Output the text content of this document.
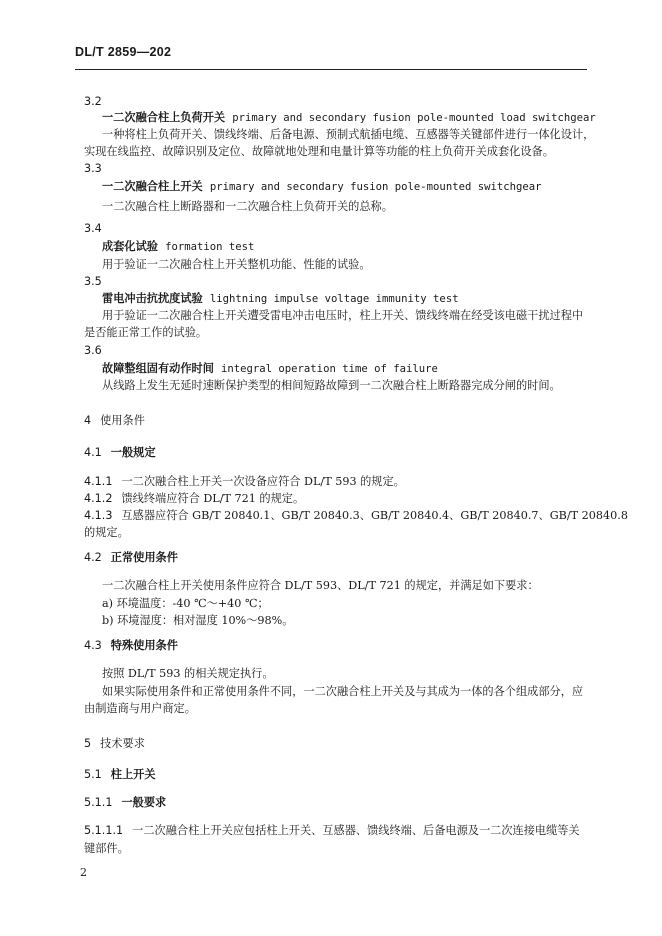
DL/T 2859—202
3.2
一二次融合柱上负荷开关 primary and secondary fusion pole-mounted load switchgear
一种将柱上负荷开关、馈线终端、后备电源、预制式航插电缆、互感器等关键部件进行一体化设计，
实现在线监控、故障识别及定位、故障就地处理和电量计算等功能的柱上负荷开关成套化设备。
3.3
一二次融合柱上开关 primary and secondary fusion pole-mounted switchgear
一二次融合柱上断路器和一二次融合柱上负荷开关的总称。
3.4
成套化试验 formation test
用于验证一二次融合柱上开关整机功能、性能的试验。
3.5
雷电冲击抗扰度试验 lightning impulse voltage immunity test
用于验证一二次融合柱上开关遭受雷电冲击电压时，柱上开关、馈线终端在经受该电磁干扰过程中
是否能正常工作的试验。
3.6
故障整组固有动作时间 integral operation time of failure
从线路上发生无延时速断保护类型的相间短路故障到一二次融合柱上断路器完成分闸的时间。
4 使用条件
4.1 一般规定
4.1.1 一二次融合柱上开关一次设备应符合 DL/T 593 的规定。
4.1.2 馈线终端应符合 DL/T 721 的规定。
4.1.3 互感器应符合 GB/T 20840.1、GB/T 20840.3、GB/T 20840.4、GB/T 20840.7、GB/T 20840.8
的规定。
4.2 正常使用条件
一二次融合柱上开关使用条件应符合 DL/T 593、DL/T 721 的规定，并满足如下要求：
a) 环境温度：-40 ℃～+40 ℃；
b) 环境湿度：相对湿度 10%～98%。
4.3 特殊使用条件
按照 DL/T 593 的相关规定执行。
如果实际使用条件和正常使用条件不同，一二次融合柱上开关及与其成为一体的各个组成部分，应
由制造商与用户商定。
5 技术要求
5.1 柱上开关
5.1.1 一般要求
5.1.1.1 一二次融合柱上开关应包括柱上开关、互感器、馈线终端、后备电源及一二次连接电缆等关
键部件。
2
